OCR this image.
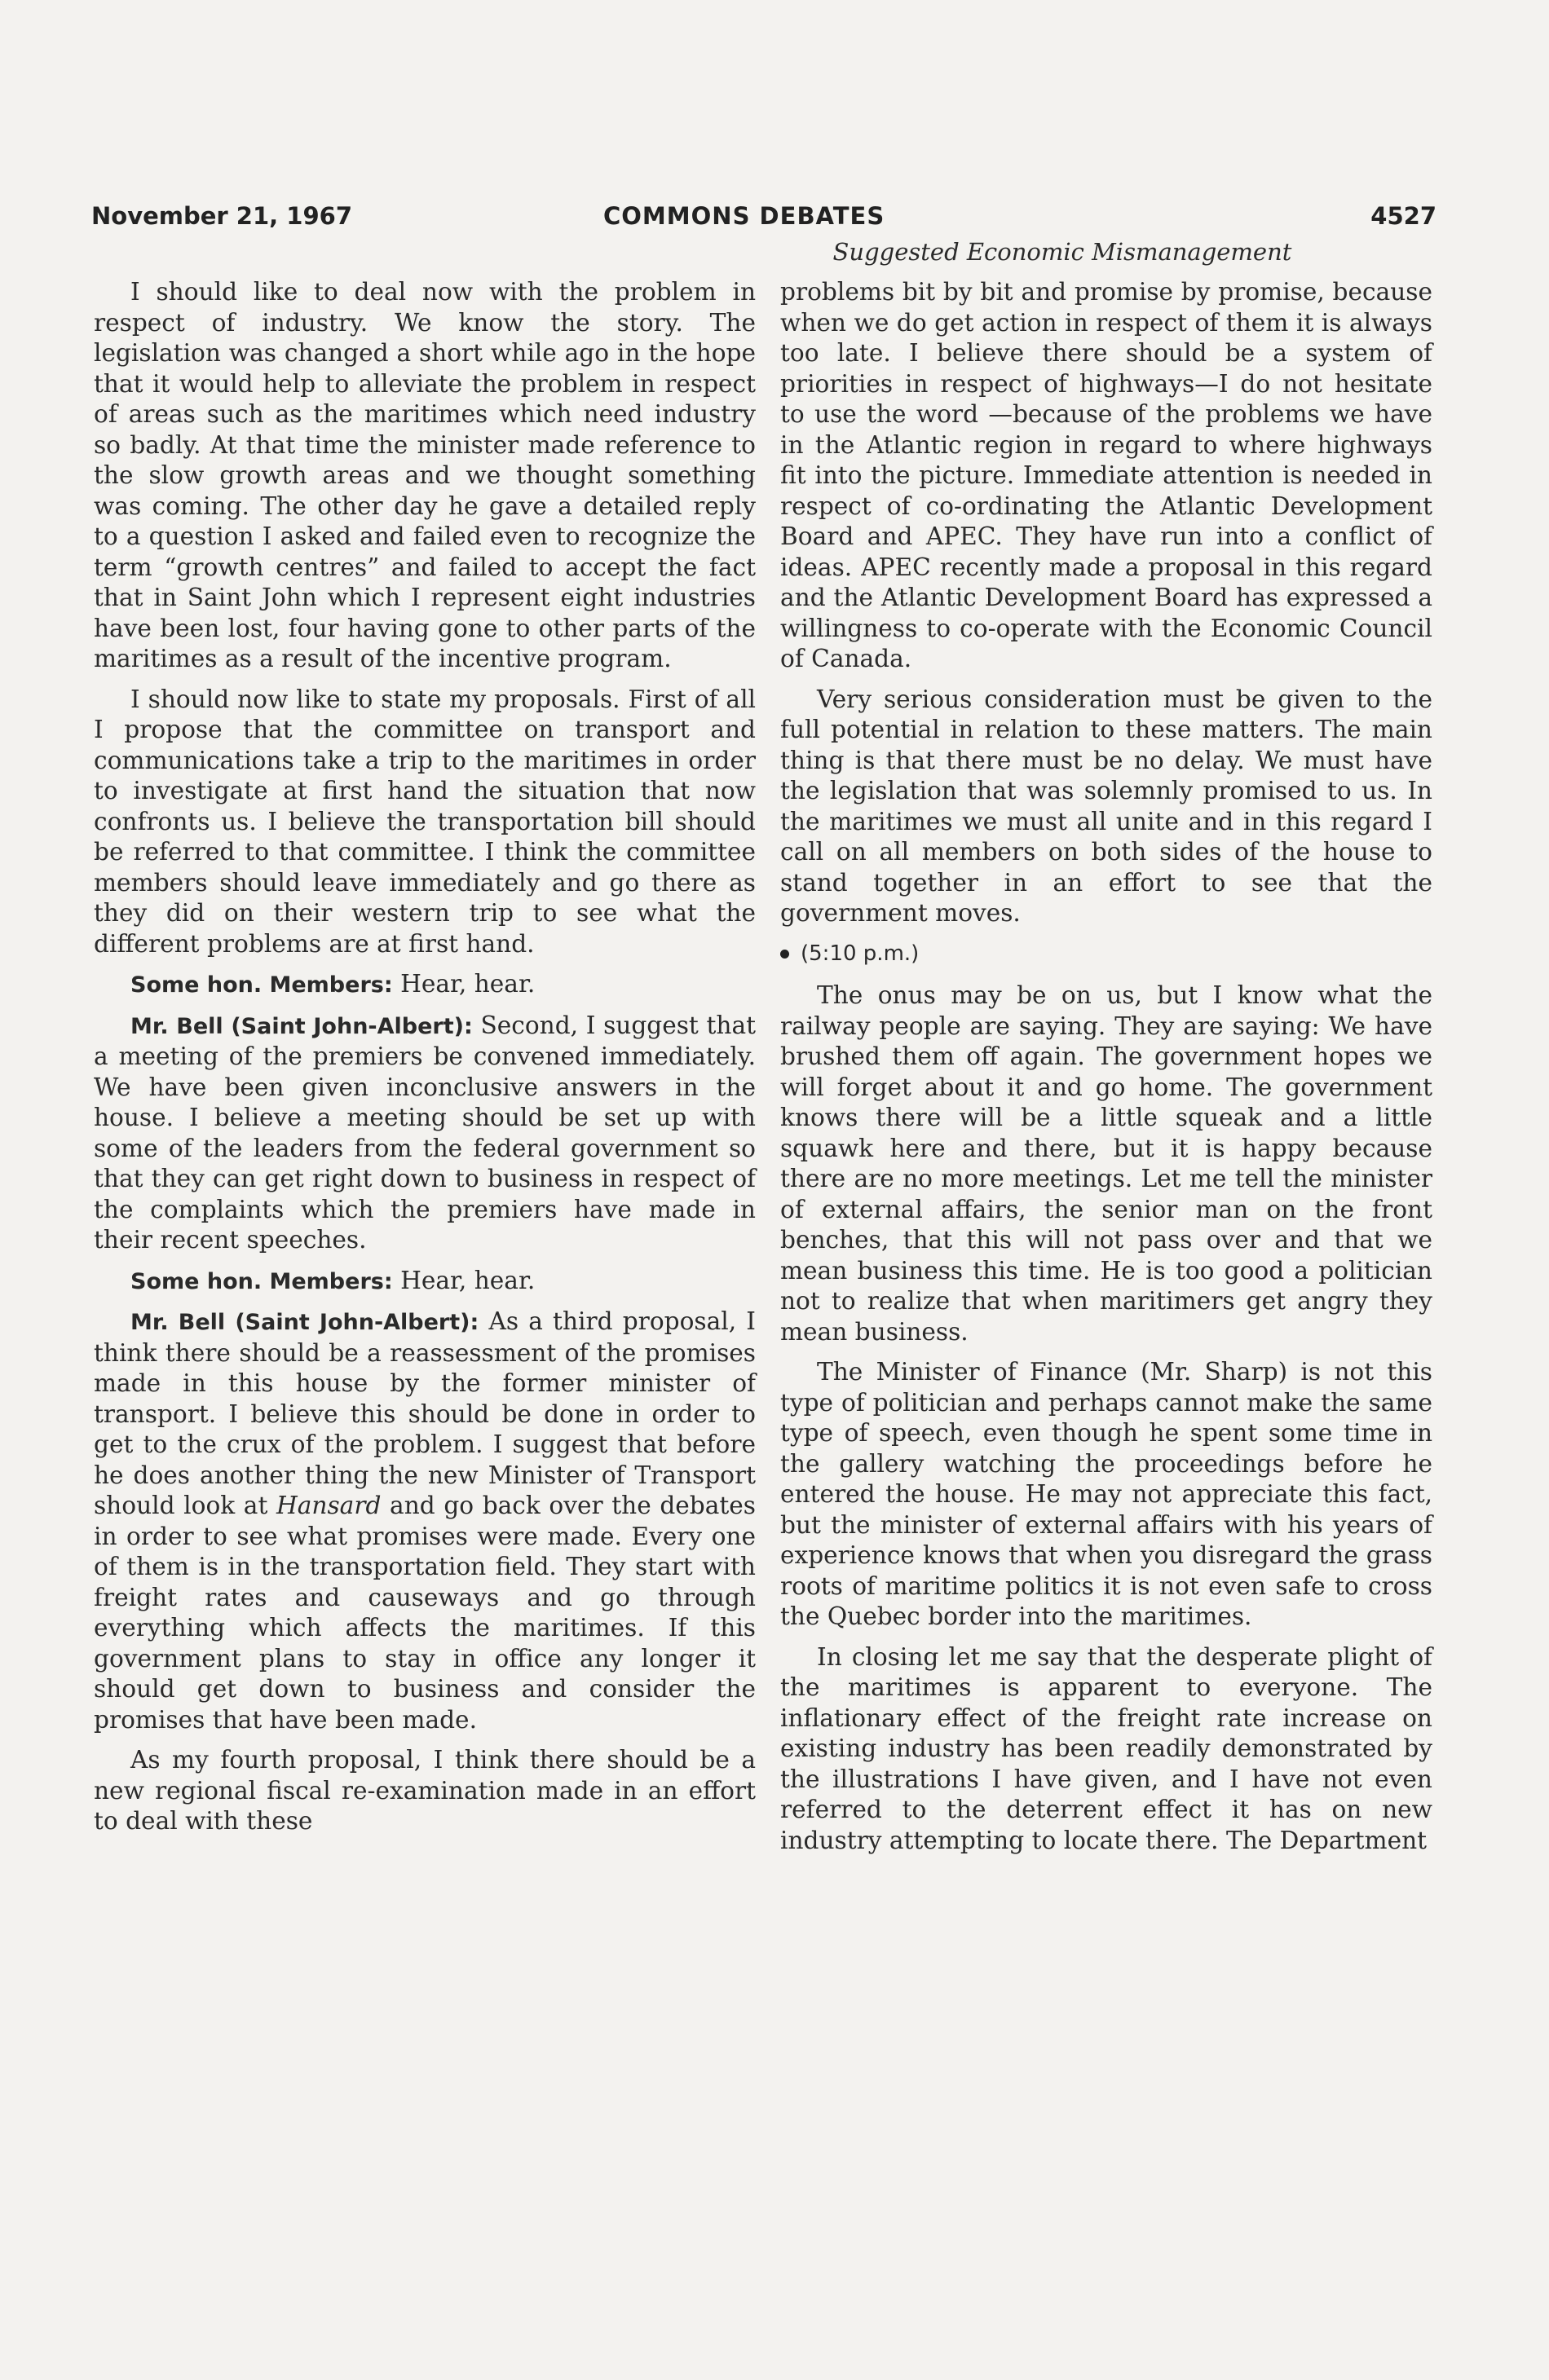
November 21, 1967	COMMONS DEBATES	4527
Suggested Economic Mismanagement

I should like to deal now with the problem in respect of industry. We know the story. The legislation was changed a short while ago in the hope that it would help to alleviate the problem in respect of areas such as the maritimes which need industry so badly. At that time the minister made reference to the slow growth areas and we thought something was coming. The other day he gave a detailed reply to a question I asked and failed even to recognize the term “growth centres” and failed to accept the fact that in Saint John which I represent eight industries have been lost, four having gone to other parts of the maritimes as a result of the incentive program.

I should now like to state my proposals. First of all I propose that the committee on transport and communications take a trip to the maritimes in order to investigate at first hand the situation that now confronts us. I believe the transportation bill should be referred to that committee. I think the committee members should leave immediately and go there as they did on their western trip to see what the different problems are at first hand.

Some hon. Members: Hear, hear.

Mr. Bell (Saint John-Albert): Second, I suggest that a meeting of the premiers be convened immediately. We have been given inconclusive answers in the house. I believe a meeting should be set up with some of the leaders from the federal government so that they can get right down to business in respect of the complaints which the premiers have made in their recent speeches.

Some hon. Members: Hear, hear.

Mr. Bell (Saint John-Albert): As a third proposal, I think there should be a reassessment of the promises made in this house by the former minister of transport. I believe this should be done in order to get to the crux of the problem. I suggest that before he does another thing the new Minister of Transport should look at Hansard and go back over the debates in order to see what promises were made. Every one of them is in the transportation field. They start with freight rates and causeways and go through everything which affects the maritimes. If this government plans to stay in office any longer it should get down to business and consider the promises that have been made.

As my fourth proposal, I think there should be a new regional fiscal re-examination made in an effort to deal with these

problems bit by bit and promise by promise, because when we do get action in respect of them it is always too late. I believe there should be a system of priorities in respect of highways—I do not hesitate to use the word —because of the problems we have in the Atlantic region in regard to where highways fit into the picture. Immediate attention is needed in respect of co-ordinating the Atlantic Development Board and APEC. They have run into a conflict of ideas. APEC recently made a proposal in this regard and the Atlantic Development Board has expressed a willingness to co-operate with the Economic Council of Canada.

Very serious consideration must be given to the full potential in relation to these matters. The main thing is that there must be no delay. We must have the legislation that was solemnly promised to us. In the maritimes we must all unite and in this regard I call on all members on both sides of the house to stand together in an effort to see that the government moves.

(5:10 p.m.)

The onus may be on us, but I know what the railway people are saying. They are saying: We have brushed them off again. The government hopes we will forget about it and go home. The government knows there will be a little squeak and a little squawk here and there, but it is happy because there are no more meetings. Let me tell the minister of external affairs, the senior man on the front benches, that this will not pass over and that we mean business this time. He is too good a politician not to realize that when maritimers get angry they mean business.

The Minister of Finance (Mr. Sharp) is not this type of politician and perhaps cannot make the same type of speech, even though he spent some time in the gallery watching the proceedings before he entered the house. He may not appreciate this fact, but the minister of external affairs with his years of experience knows that when you disregard the grass roots of maritime politics it is not even safe to cross the Quebec border into the maritimes.

In closing let me say that the desperate plight of the maritimes is apparent to everyone. The inflationary effect of the freight rate increase on existing industry has been readily demonstrated by the illustrations I have given, and I have not even referred to the deterrent effect it has on new industry attempting to locate there. The Department
